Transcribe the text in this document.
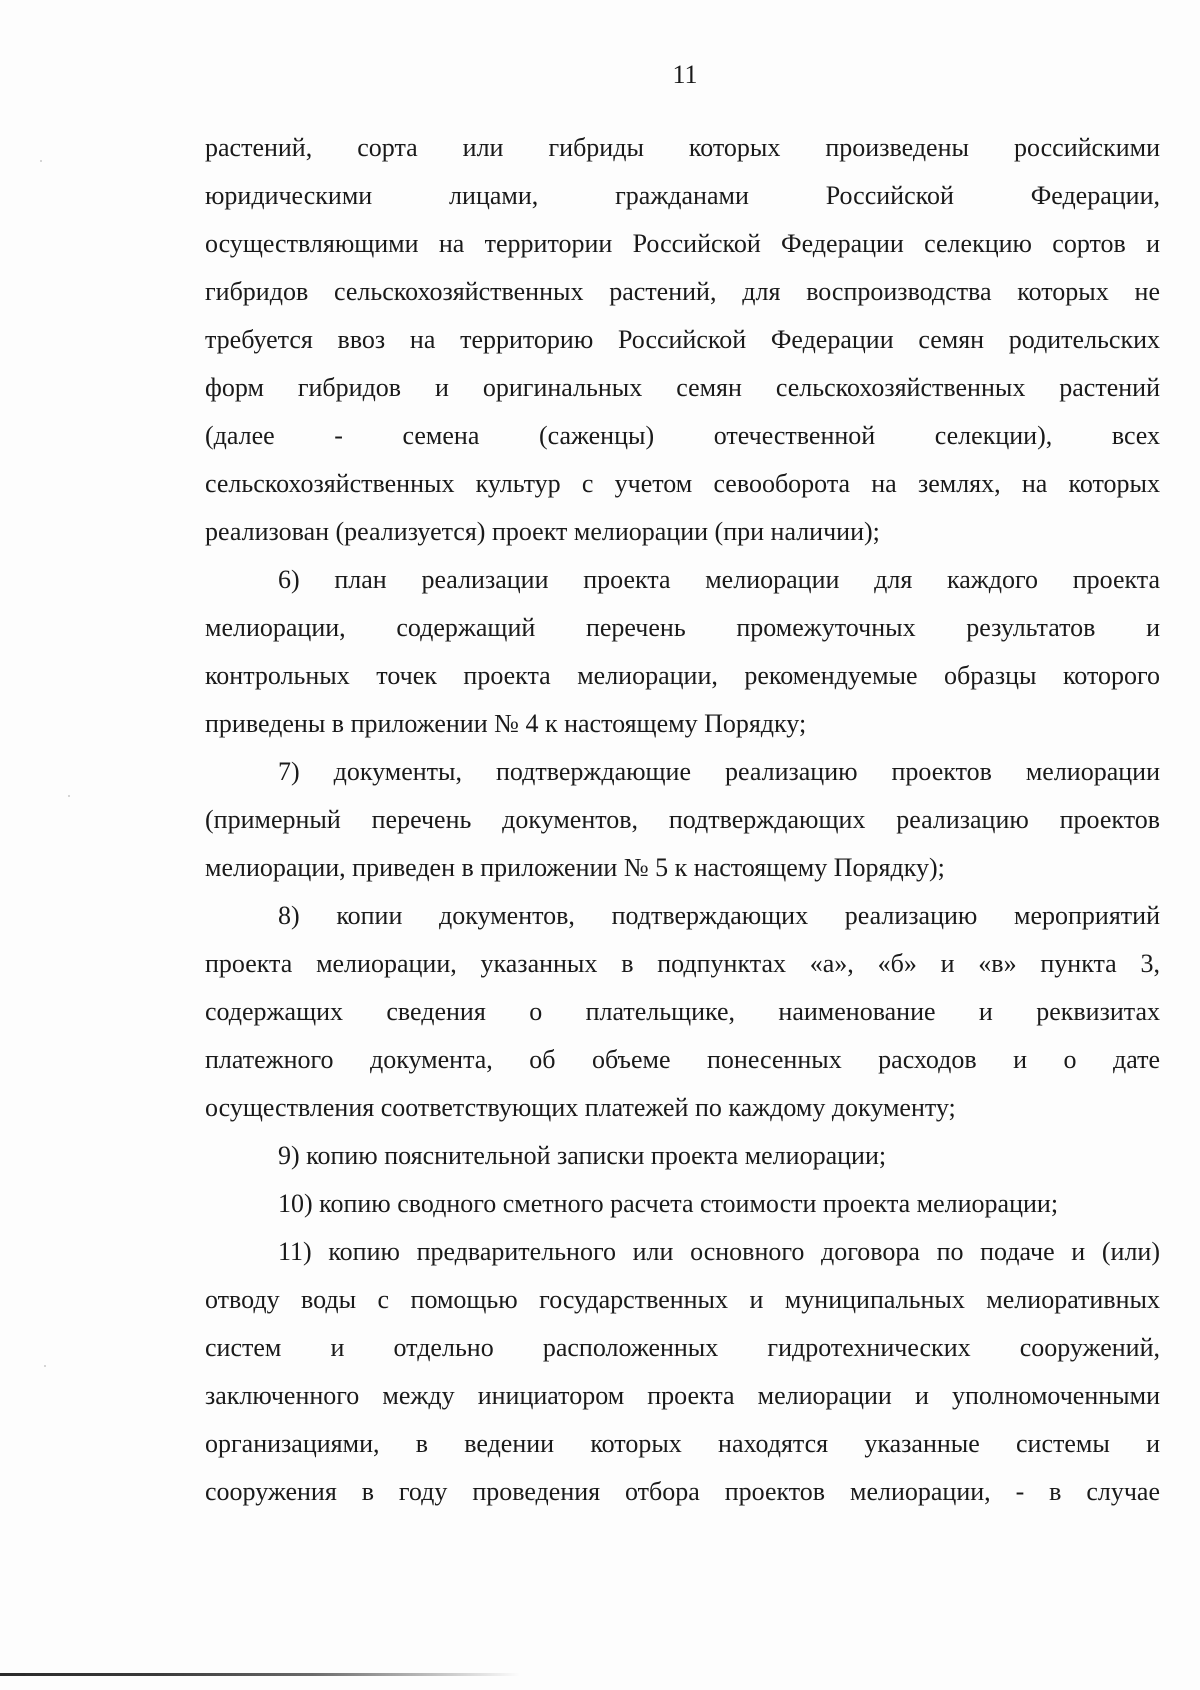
11
растений, сорта или гибриды которых произведены российскими
юридическими лицами, гражданами Российской Федерации,
осуществляющими на территории Российской Федерации селекцию сортов и
гибридов сельскохозяйственных растений, для воспроизводства которых не
требуется ввоз на территорию Российской Федерации семян родительских
форм гибридов и оригинальных семян сельскохозяйственных растений
(далее - семена (саженцы) отечественной селекции), всех
сельскохозяйственных культур с учетом севооборота на землях, на которых
реализован (реализуется) проект мелиорации (при наличии);
6) план реализации проекта мелиорации для каждого проекта
мелиорации, содержащий перечень промежуточных результатов и
контрольных точек проекта мелиорации, рекомендуемые образцы которого
приведены в приложении № 4 к настоящему Порядку;
7) документы, подтверждающие реализацию проектов мелиорации
(примерный перечень документов, подтверждающих реализацию проектов
мелиорации, приведен в приложении № 5 к настоящему Порядку);
8) копии документов, подтверждающих реализацию мероприятий
проекта мелиорации, указанных в подпунктах «а», «б» и «в» пункта 3,
содержащих сведения о плательщике, наименование и реквизитах
платежного документа, об объеме понесенных расходов и о дате
осуществления соответствующих платежей по каждому документу;
9) копию пояснительной записки проекта мелиорации;
10) копию сводного сметного расчета стоимости проекта мелиорации;
11) копию предварительного или основного договора по подаче и (или)
отводу воды с помощью государственных и муниципальных мелиоративных
систем и отдельно расположенных гидротехнических сооружений,
заключенного между инициатором проекта мелиорации и уполномоченными
организациями, в ведении которых находятся указанные системы и
сооружения в году проведения отбора проектов мелиорации, - в случае
